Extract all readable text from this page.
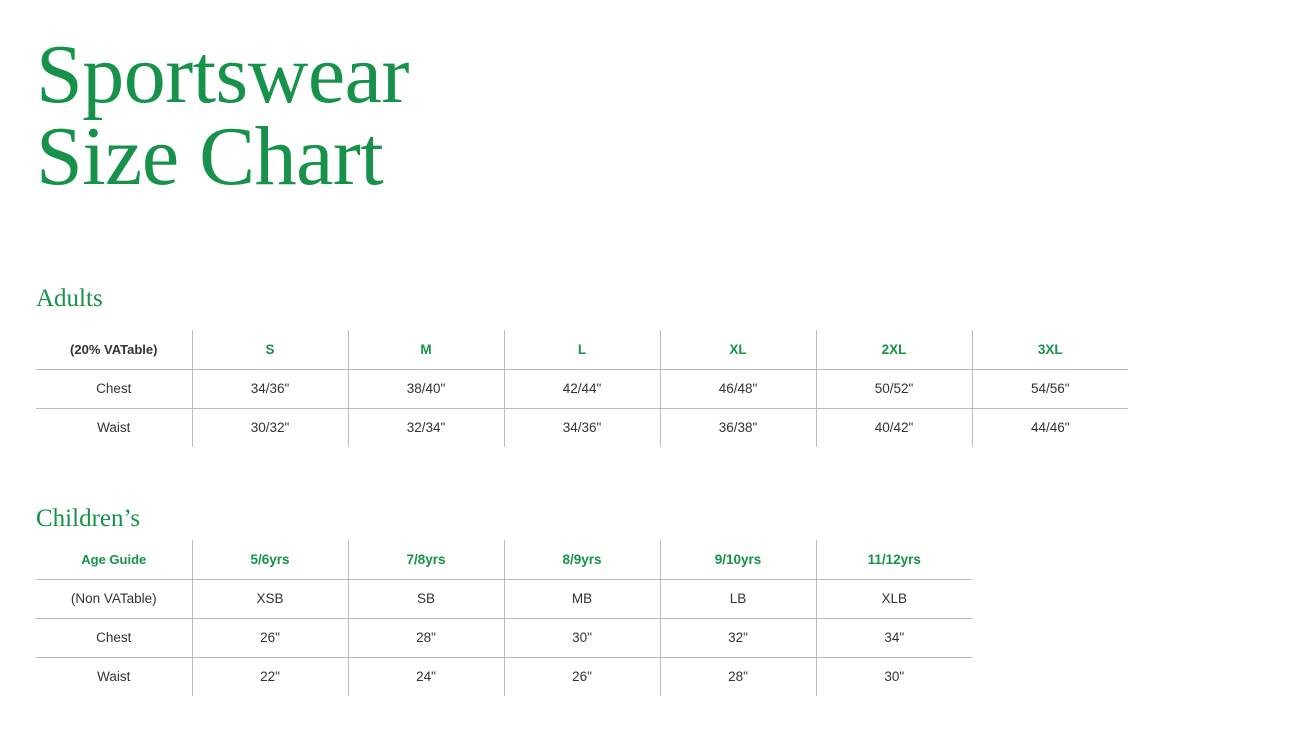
Sportswear
Size Chart
Adults
(20% VATable)	S	M	L	XL	2XL	3XL
Chest	34/36"	38/40"	42/44"	46/48"	50/52"	54/56"
Waist	30/32"	32/34"	34/36"	36/38"	40/42"	44/46"
Children’s
Age Guide	5/6yrs	7/8yrs	8/9yrs	9/10yrs	11/12yrs
(Non VATable)	XSB	SB	MB	LB	XLB
Chest	26"	28"	30"	32"	34"
Waist	22"	24"	26"	28"	30"
